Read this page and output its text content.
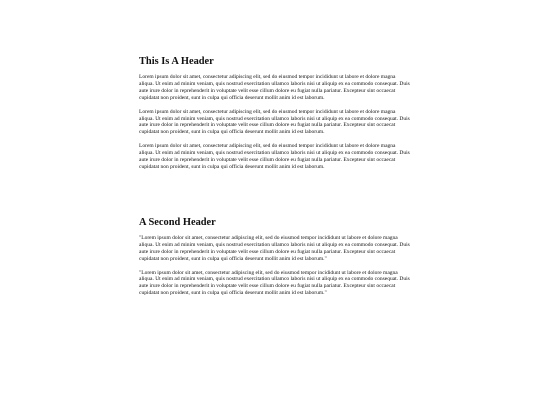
This Is A Header

Lorem ipsum dolor sit amet, consectetur adipiscing elit, sed do eiusmod tempor incididunt ut labore et dolore magna aliqua. Ut enim ad minim veniam, quis nostrud exercitation ullamco laboris nisi ut aliquip ex ea commodo consequat. Duis aute irure dolor in reprehenderit in voluptate velit esse cillum dolore eu fugiat nulla pariatur. Excepteur sint occaecat cupidatat non proident, sunt in culpa qui officia deserunt mollit anim id est laborum.

Lorem ipsum dolor sit amet, consectetur adipiscing elit, sed do eiusmod tempor incididunt ut labore et dolore magna aliqua. Ut enim ad minim veniam, quis nostrud exercitation ullamco laboris nisi ut aliquip ex ea commodo consequat. Duis aute irure dolor in reprehenderit in voluptate velit esse cillum dolore eu fugiat nulla pariatur. Excepteur sint occaecat cupidatat non proident, sunt in culpa qui officia deserunt mollit anim id est laborum.

Lorem ipsum dolor sit amet, consectetur adipiscing elit, sed do eiusmod tempor incididunt ut labore et dolore magna aliqua. Ut enim ad minim veniam, quis nostrud exercitation ullamco laboris nisi ut aliquip ex ea commodo consequat. Duis aute irure dolor in reprehenderit in voluptate velit esse cillum dolore eu fugiat nulla pariatur. Excepteur sint occaecat cupidatat non proident, sunt in culpa qui officia deserunt mollit anim id est laborum.

A Second Header

"Lorem ipsum dolor sit amet, consectetur adipiscing elit, sed do eiusmod tempor incididunt ut labore et dolore magna aliqua. Ut enim ad minim veniam, quis nostrud exercitation ullamco laboris nisi ut aliquip ex ea commodo consequat. Duis aute irure dolor in reprehenderit in voluptate velit esse cillum dolore eu fugiat nulla pariatur. Excepteur sint occaecat cupidatat non proident, sunt in culpa qui officia deserunt mollit anim id est laborum."

"Lorem ipsum dolor sit amet, consectetur adipiscing elit, sed do eiusmod tempor incididunt ut labore et dolore magna aliqua. Ut enim ad minim veniam, quis nostrud exercitation ullamco laboris nisi ut aliquip ex ea commodo consequat. Duis aute irure dolor in reprehenderit in voluptate velit esse cillum dolore eu fugiat nulla pariatur. Excepteur sint occaecat cupidatat non proident, sunt in culpa qui officia deserunt mollit anim id est laborum."
